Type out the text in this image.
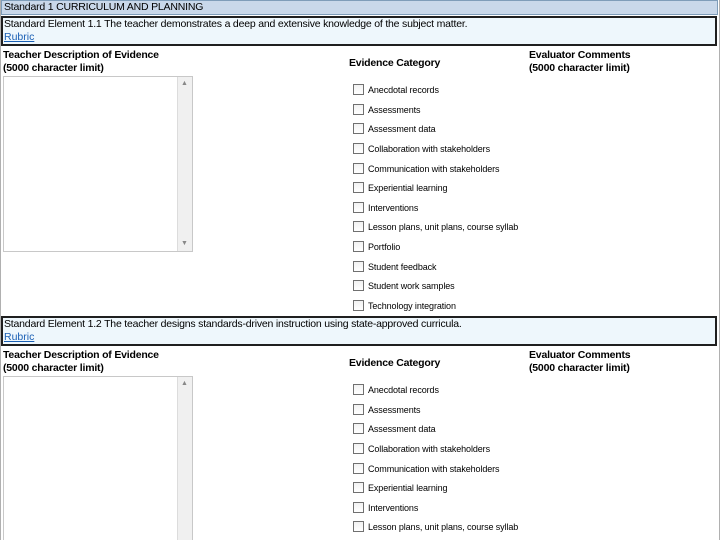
Standard 1 CURRICULUM AND PLANNING
Standard Element 1.1 The teacher demonstrates a deep and extensive knowledge of the subject matter.
Rubric
Teacher Description of Evidence
(5000 character limit)	Evidence Category
Evaluator Comments
(5000 character limit)
▲
▼
Anecdotal records
Assessments
Assessment data
Collaboration with stakeholders
Communication with stakeholders
Experiential learning
Interventions
Lesson plans, unit plans, course syllab
Portfolio
Student feedback
Student work samples
Technology integration
Standard Element 1.2 The teacher designs standards-driven instruction using state-approved curricula.
Rubric
Teacher Description of Evidence
(5000 character limit)	Evidence Category
Evaluator Comments
(5000 character limit)
▲
Anecdotal records
Assessments
Assessment data
Collaboration with stakeholders
Communication with stakeholders
Experiential learning
Interventions
Lesson plans, unit plans, course syllab
